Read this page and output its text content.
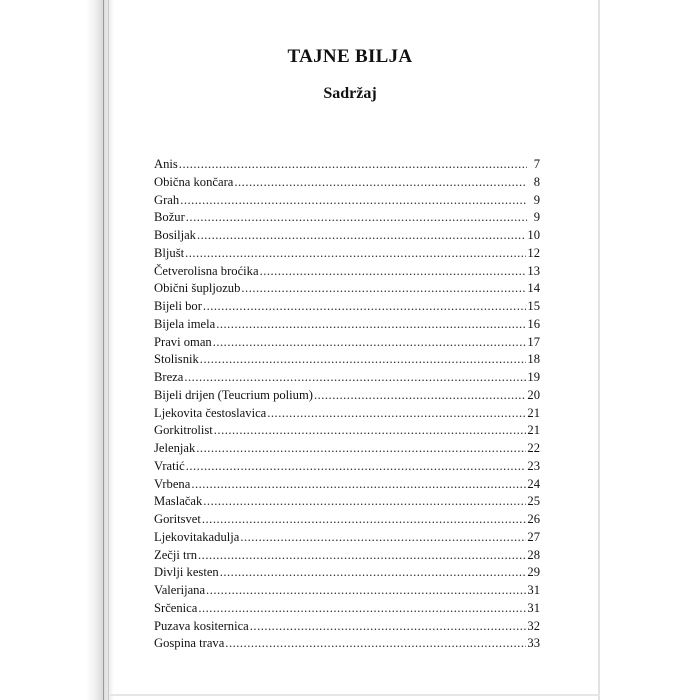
TAJNE BILJA
Sadržaj
Anis .....	7
Obična končara .....	8
Grah .....	9
Božur .....	9
Bosiljak .....	10
Bljušt .....	12
Četverolisna broćika .....	13
Obični šupljozub .....	14
Bijeli bor .....	15
Bijela imela .....	16
Pravi oman .....	17
Stolisnik .....	18
Breza .....	19
Bijeli drijen (Teucrium polium) .....	20
Ljekovita čestoslavica .....	21
Gorkitrolist .....	21
Jelenjak .....	22
Vratić .....	23
Vrbena .....	24
Maslačak .....	25
Goritsvet .....	26
Ljekovitakadulja .....	27
Zečji trn .....	28
Divlji kesten .....	29
Valerijana .....	31
Srčenica .....	31
Puzava kositernica .....	32
Gospina trava .....	33
